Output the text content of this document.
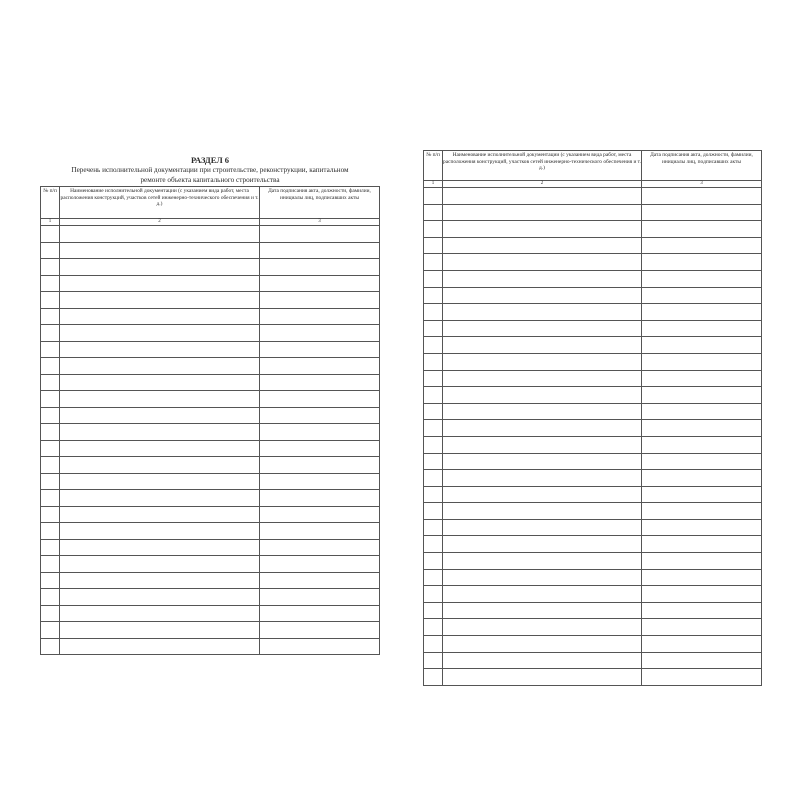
РАЗДЕЛ 6
Перечень исполнительной документации при строительстве, реконструкции, капитальном ремонте объекта капитального строительства
№ п/п	Наименование исполнительной документации (с указанием вида работ, места расположения конструкций, участков сетей инженерно-технического обеспечения и т. д.)	Дата подписания акта, должности, фамилии, инициалы лиц, подписавших акты
1	2	3

№ п/п	Наименование исполнительной документации (с указанием вида работ, места расположения конструкций, участков сетей инженерно-технического обеспечения и т. д.)	Дата подписания акта, должности, фамилии, инициалы лиц, подписавших акты
1	2	3
